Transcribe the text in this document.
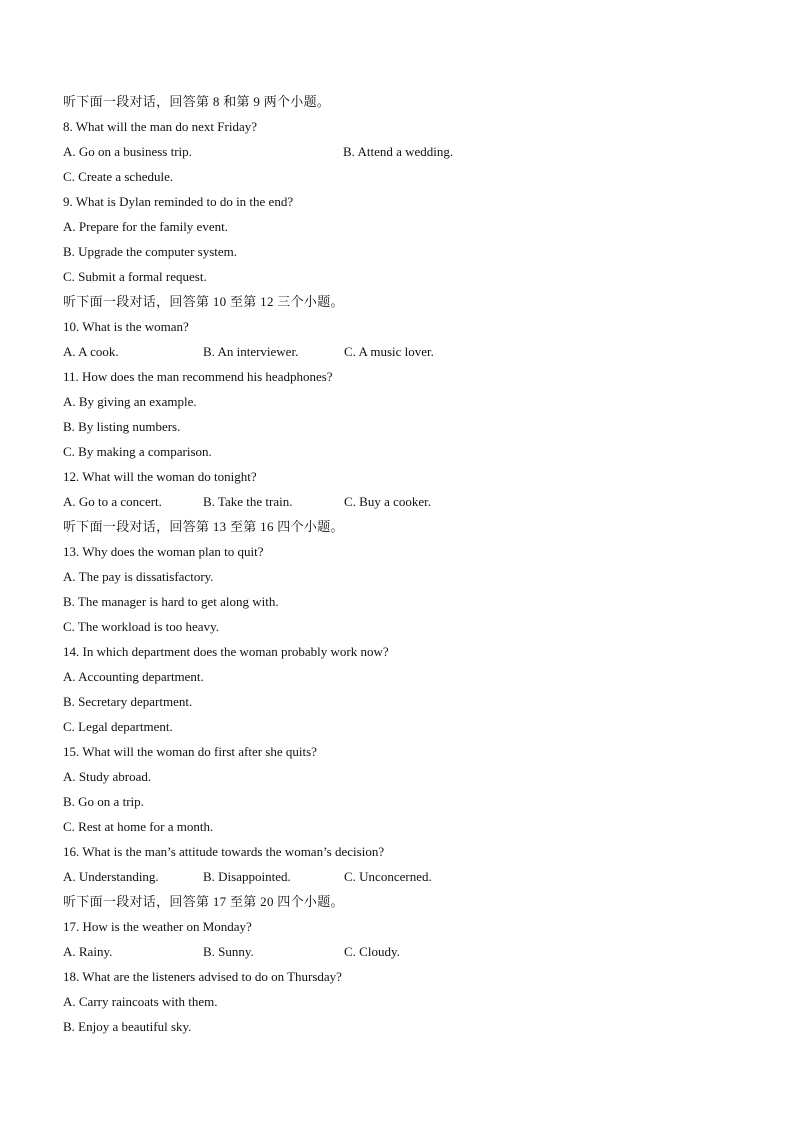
听下面一段对话，回答第 8 和第 9 两个小题。
8. What will the man do next Friday?
A. Go on a business trip.	B. Attend a wedding.
C. Create a schedule.
9. What is Dylan reminded to do in the end?
A. Prepare for the family event.
B. Upgrade the computer system.
C. Submit a formal request.
听下面一段对话，回答第 10 至第 12 三个小题。
10. What is the woman?
A. A cook.	B. An interviewer.	C. A music lover.
11. How does the man recommend his headphones?
A. By giving an example.
B. By listing numbers.
C. By making a comparison.
12. What will the woman do tonight?
A. Go to a concert.	B. Take the train.	C. Buy a cooker.
听下面一段对话，回答第 13 至第 16 四个小题。
13. Why does the woman plan to quit?
A. The pay is dissatisfactory.
B. The manager is hard to get along with.
C. The workload is too heavy.
14. In which department does the woman probably work now?
A. Accounting department.
B. Secretary department.
C. Legal department.
15. What will the woman do first after she quits?
A. Study abroad.
B. Go on a trip.
C. Rest at home for a month.
16. What is the man’s attitude towards the woman’s decision?
A. Understanding.	B. Disappointed.	C. Unconcerned.
听下面一段对话，回答第 17 至第 20 四个小题。
17. How is the weather on Monday?
A. Rainy.	B. Sunny.	C. Cloudy.
18. What are the listeners advised to do on Thursday?
A. Carry raincoats with them.
B. Enjoy a beautiful sky.
